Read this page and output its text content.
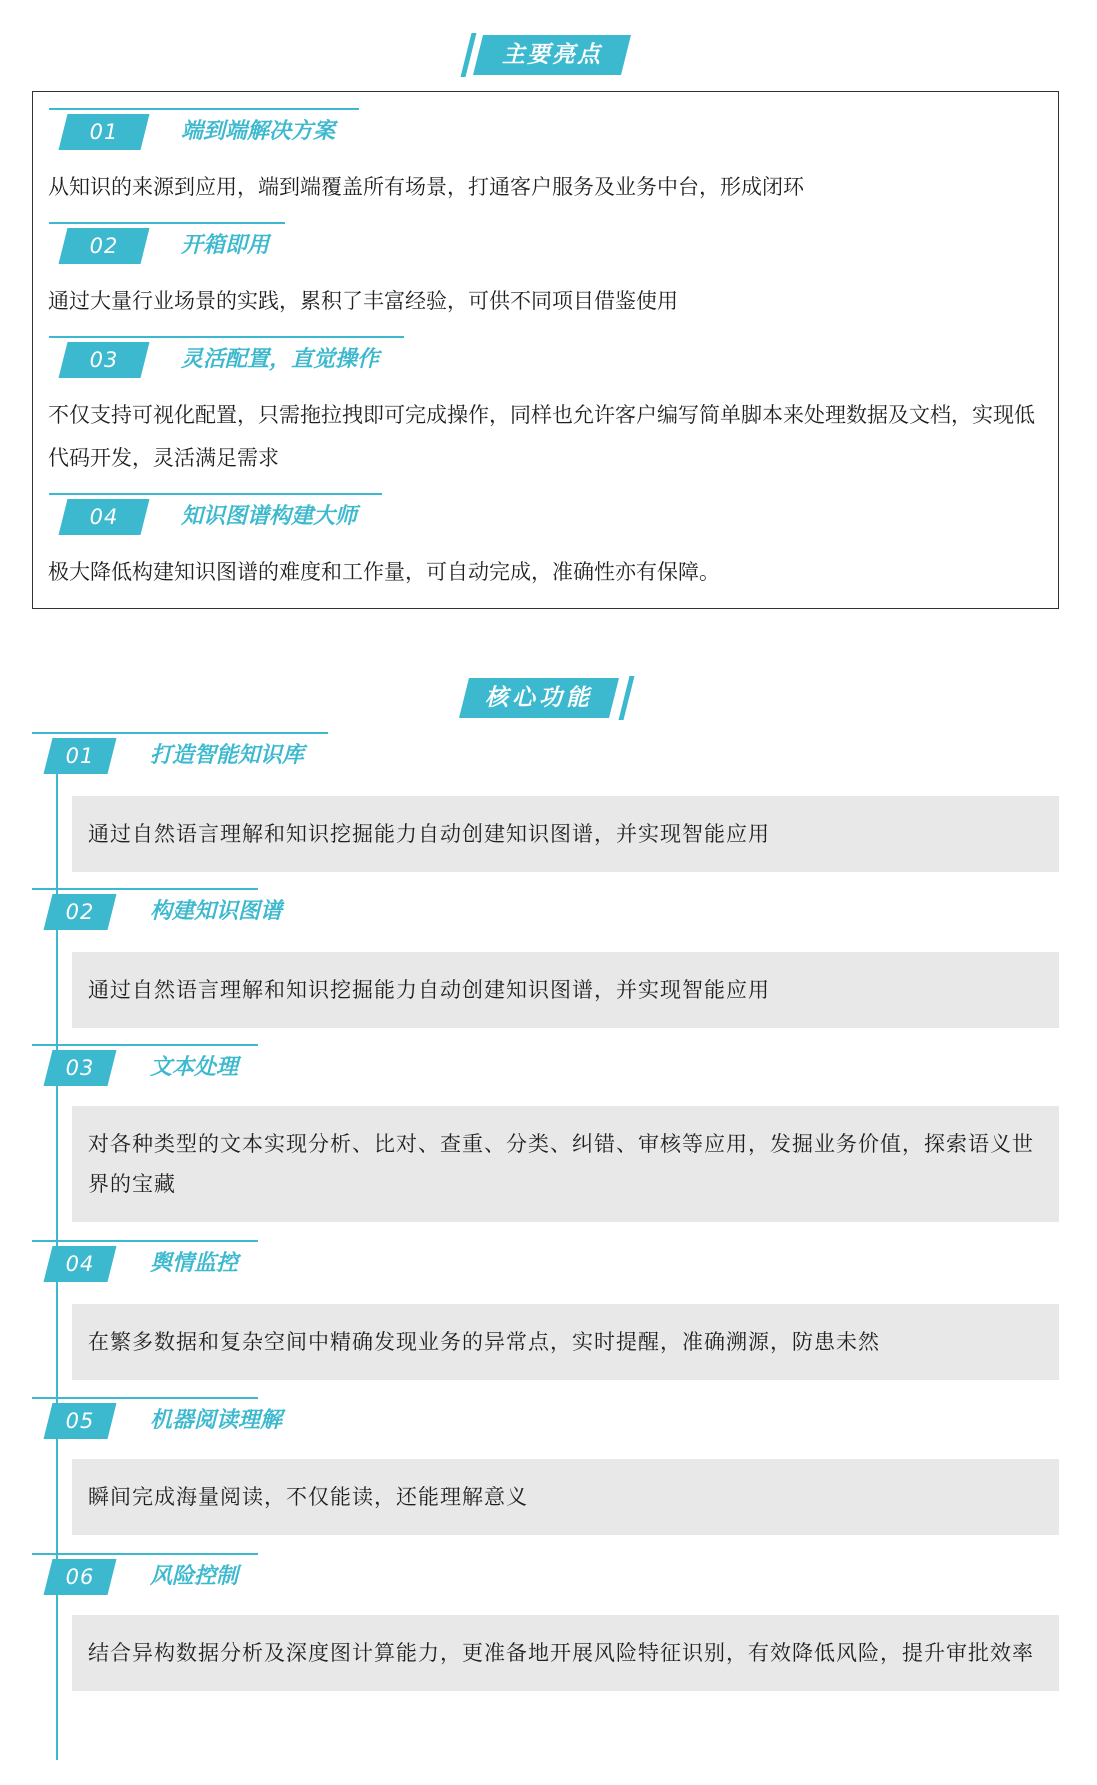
主要亮点
01	端到端解决方案
从知识的来源到应用，端到端覆盖所有场景，打通客户服务及业务中台，形成闭环
02	开箱即用
通过大量行业场景的实践，累积了丰富经验，可供不同项目借鉴使用
03	灵活配置，直觉操作
不仅支持可视化配置，只需拖拉拽即可完成操作，同样也允许客户编写简单脚本来处理数据及文档，实现低代码开发，灵活满足需求
04	知识图谱构建大师
极大降低构建知识图谱的难度和工作量，可自动完成，准确性亦有保障。
核心功能
01	打造智能知识库
通过自然语言理解和知识挖掘能力自动创建知识图谱，并实现智能应用
02	构建知识图谱
通过自然语言理解和知识挖掘能力自动创建知识图谱，并实现智能应用
03	文本处理
对各种类型的文本实现分析、比对、查重、分类、纠错、审核等应用，发掘业务价值，探索语义世界的宝藏
04	舆情监控
在繁多数据和复杂空间中精确发现业务的异常点，实时提醒，准确溯源，防患未然
05	机器阅读理解
瞬间完成海量阅读，不仅能读，还能理解意义
06	风险控制
结合异构数据分析及深度图计算能力，更准备地开展风险特征识别，有效降低风险，提升审批效率
